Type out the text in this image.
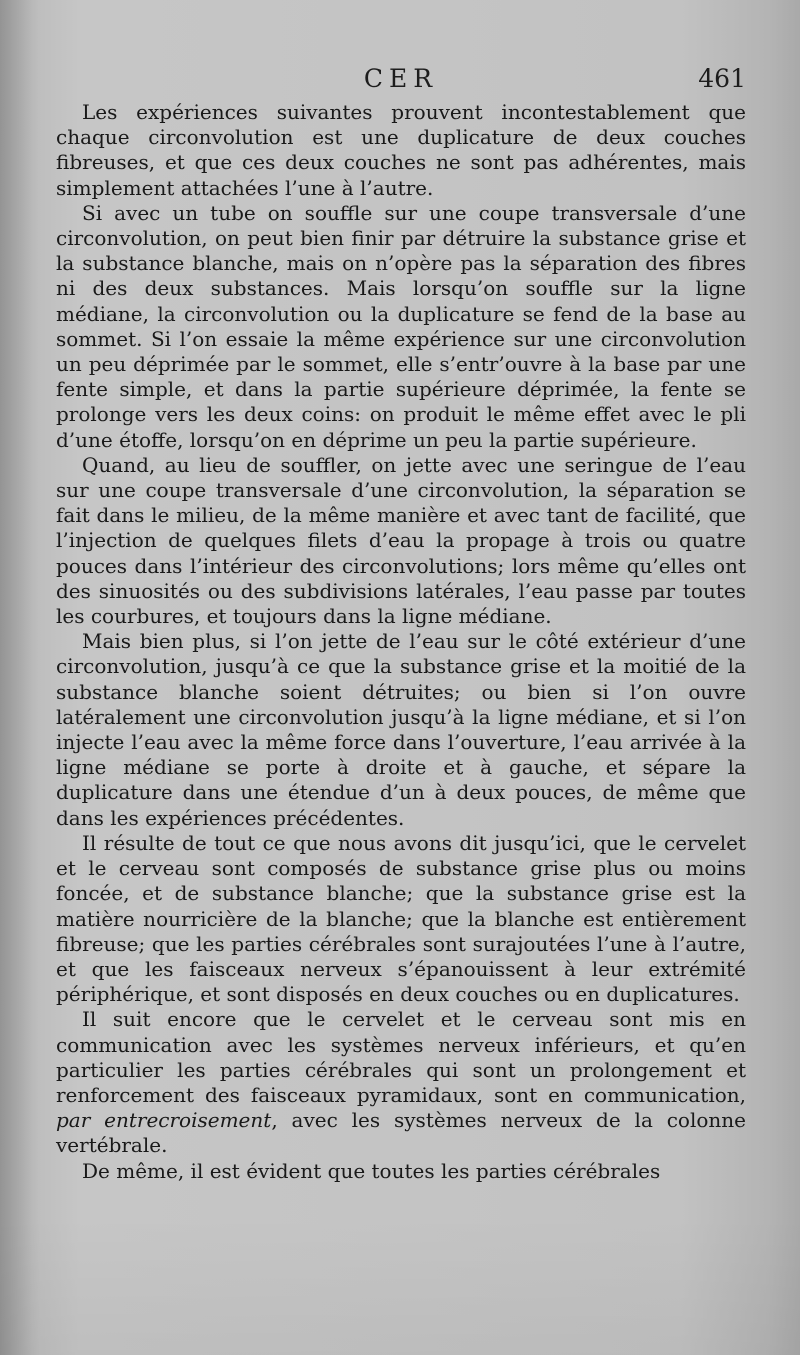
CER	461

Les expériences suivantes prouvent incontestablement que chaque circonvolution est une duplicature de deux couches fibreuses, et que ces deux couches ne sont pas adhérentes, mais simplement attachées l’une à l’autre.

Si avec un tube on souffle sur une coupe transversale d’une circonvolution, on peut bien finir par détruire la substance grise et la substance blanche, mais on n’opère pas la séparation des fibres ni des deux substances. Mais lorsqu’on souffle sur la ligne médiane, la circonvolution ou la duplicature se fend de la base au sommet. Si l’on essaie la même expérience sur une circonvolution un peu déprimée par le sommet, elle s’entr’ouvre à la base par une fente simple, et dans la partie supérieure déprimée, la fente se prolonge vers les deux coins: on produit le même effet avec le pli d’une étoffe, lorsqu’on en déprime un peu la partie supérieure.

Quand, au lieu de souffler, on jette avec une seringue de l’eau sur une coupe transversale d’une circonvolution, la séparation se fait dans le milieu, de la même manière et avec tant de facilité, que l’injection de quelques filets d’eau la propage à trois ou quatre pouces dans l’intérieur des circonvolutions; lors même qu’elles ont des sinuosités ou des subdivisions latérales, l’eau passe par toutes les courbures, et toujours dans la ligne médiane.

Mais bien plus, si l’on jette de l’eau sur le côté extérieur d’une circonvolution, jusqu’à ce que la substance grise et la moitié de la substance blanche soient détruites; ou bien si l’on ouvre latéralement une circonvolution jusqu’à la ligne médiane, et si l’on injecte l’eau avec la même force dans l’ouverture, l’eau arrivée à la ligne médiane se porte à droite et à gauche, et sépare la duplicature dans une étendue d’un à deux pouces, de même que dans les expériences précédentes.

Il résulte de tout ce que nous avons dit jusqu’ici, que le cervelet et le cerveau sont composés de substance grise plus ou moins foncée, et de substance blanche; que la substance grise est la matière nourricière de la blanche; que la blanche est entièrement fibreuse; que les parties cérébrales sont surajoutées l’une à l’autre, et que les faisceaux nerveux s’épanouissent à leur extrémité périphérique, et sont disposés en deux couches ou en duplicatures.

Il suit encore que le cervelet et le cerveau sont mis en communication avec les systèmes nerveux inférieurs, et qu’en particulier les parties cérébrales qui sont un prolongement et renforcement des faisceaux pyramidaux, sont en communication, par entrecroisement, avec les systèmes nerveux de la colonne vertébrale.

De même, il est évident que toutes les parties cérébrales
